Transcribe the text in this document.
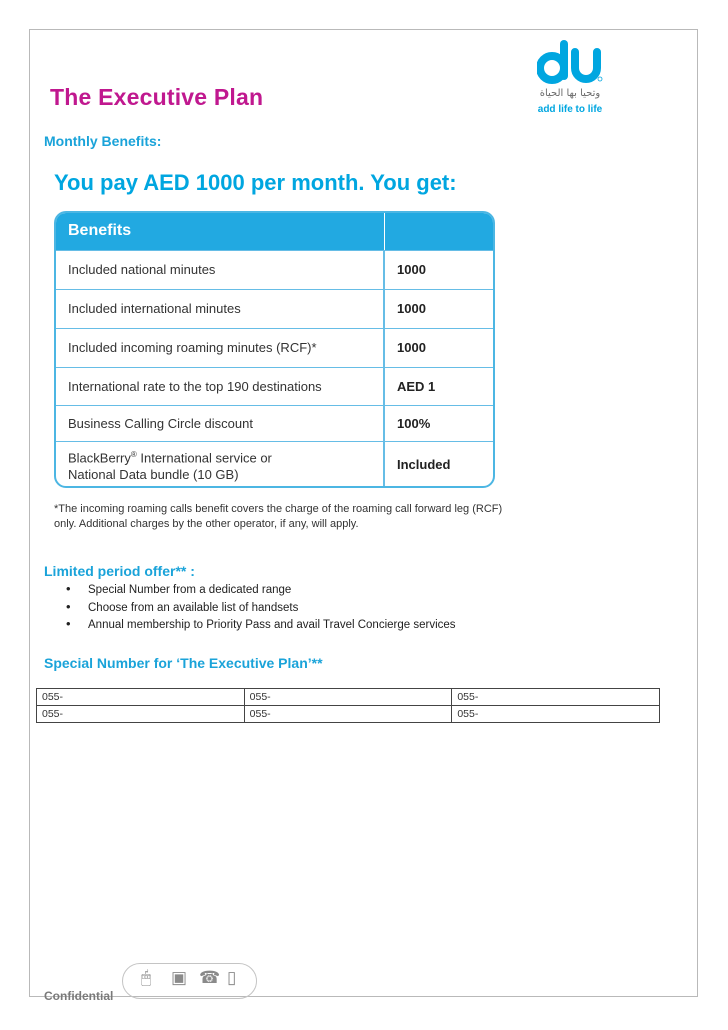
وتحيا بها الحياة
add life to life
The Executive Plan
Monthly Benefits:
You pay AED 1000 per month. You get:
Benefits	
Included national minutes	1000
Included international minutes	1000
Included incoming roaming minutes (RCF)*	1000
International rate to the top 190 destinations	AED 1
Business Calling Circle discount	100%
BlackBerry® International service or
National Data bundle (10 GB)	Included
*The incoming roaming calls benefit covers the charge of the roaming call forward leg (RCF) only. Additional charges by the other operator, if any, will apply.
Limited period offer** :
• Special Number from a dedicated range
• Choose from an available list of handsets
• Annual membership to Priority Pass and avail Travel Concierge services
Special Number for ‘The Executive Plan’**
055-	055-	055-
055-	055-	055-
🖱 ▣ ☎ ▯
Confidential
